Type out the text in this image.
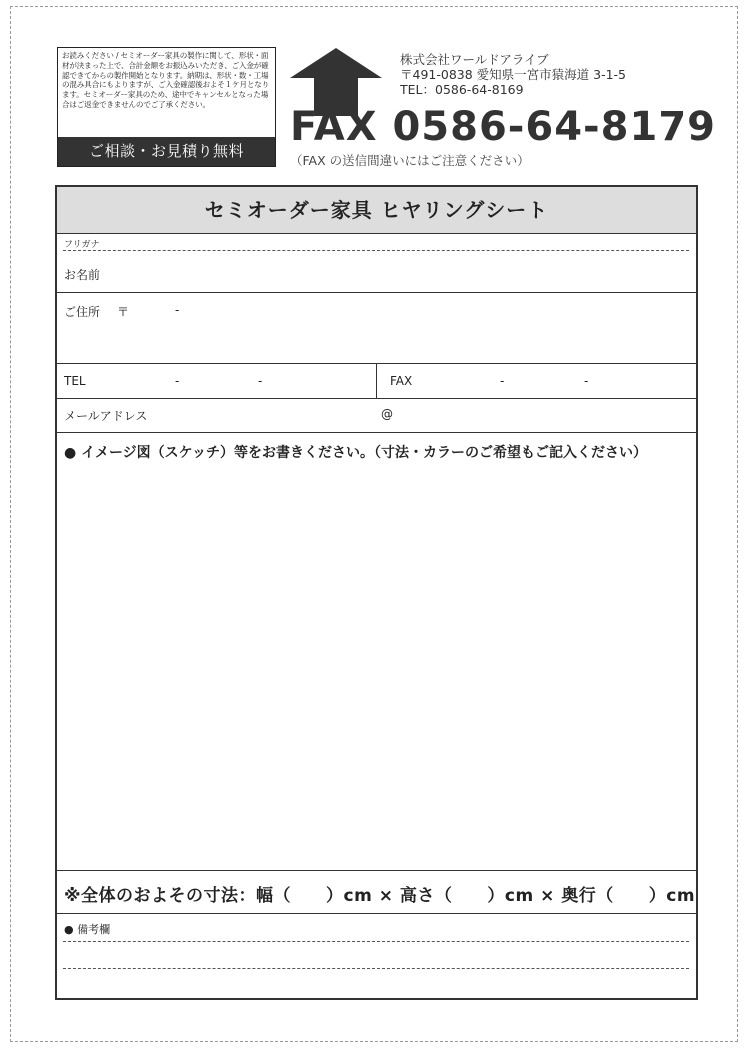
お読みください / セミオーダー家具の製作に関して、形状・面材が決まった上で、合計金額をお振込みいただき、ご入金が確認できてからの製作開始となります。納期は、形状・数・工場の混み具合にもよりますが、ご入金確認後およそ１ケ月となります。セミオーダー家具のため、途中でキャンセルとなった場合はご返金できませんのでご了承ください。
ご相談・お見積り無料
株式会社ワールドアライブ
〒491-0838 愛知県一宮市猿海道 3-1-5
TEL：0586-64-8169
FAX 0586-64-8179
（FAX の送信間違いにはご注意ください）
セミオーダー家具 ヒヤリングシート
フリガナ
お名前
ご住所 〒	-
TEL	-	-	FAX	-	-
メールアドレス	@
● イメージ図（スケッチ）等をお書きください。（寸法・カラーのご希望もご記入ください）
※全体のおよその寸法：幅（　　）cm × 高さ（　　）cm × 奥行（　　）cm
● 備考欄
